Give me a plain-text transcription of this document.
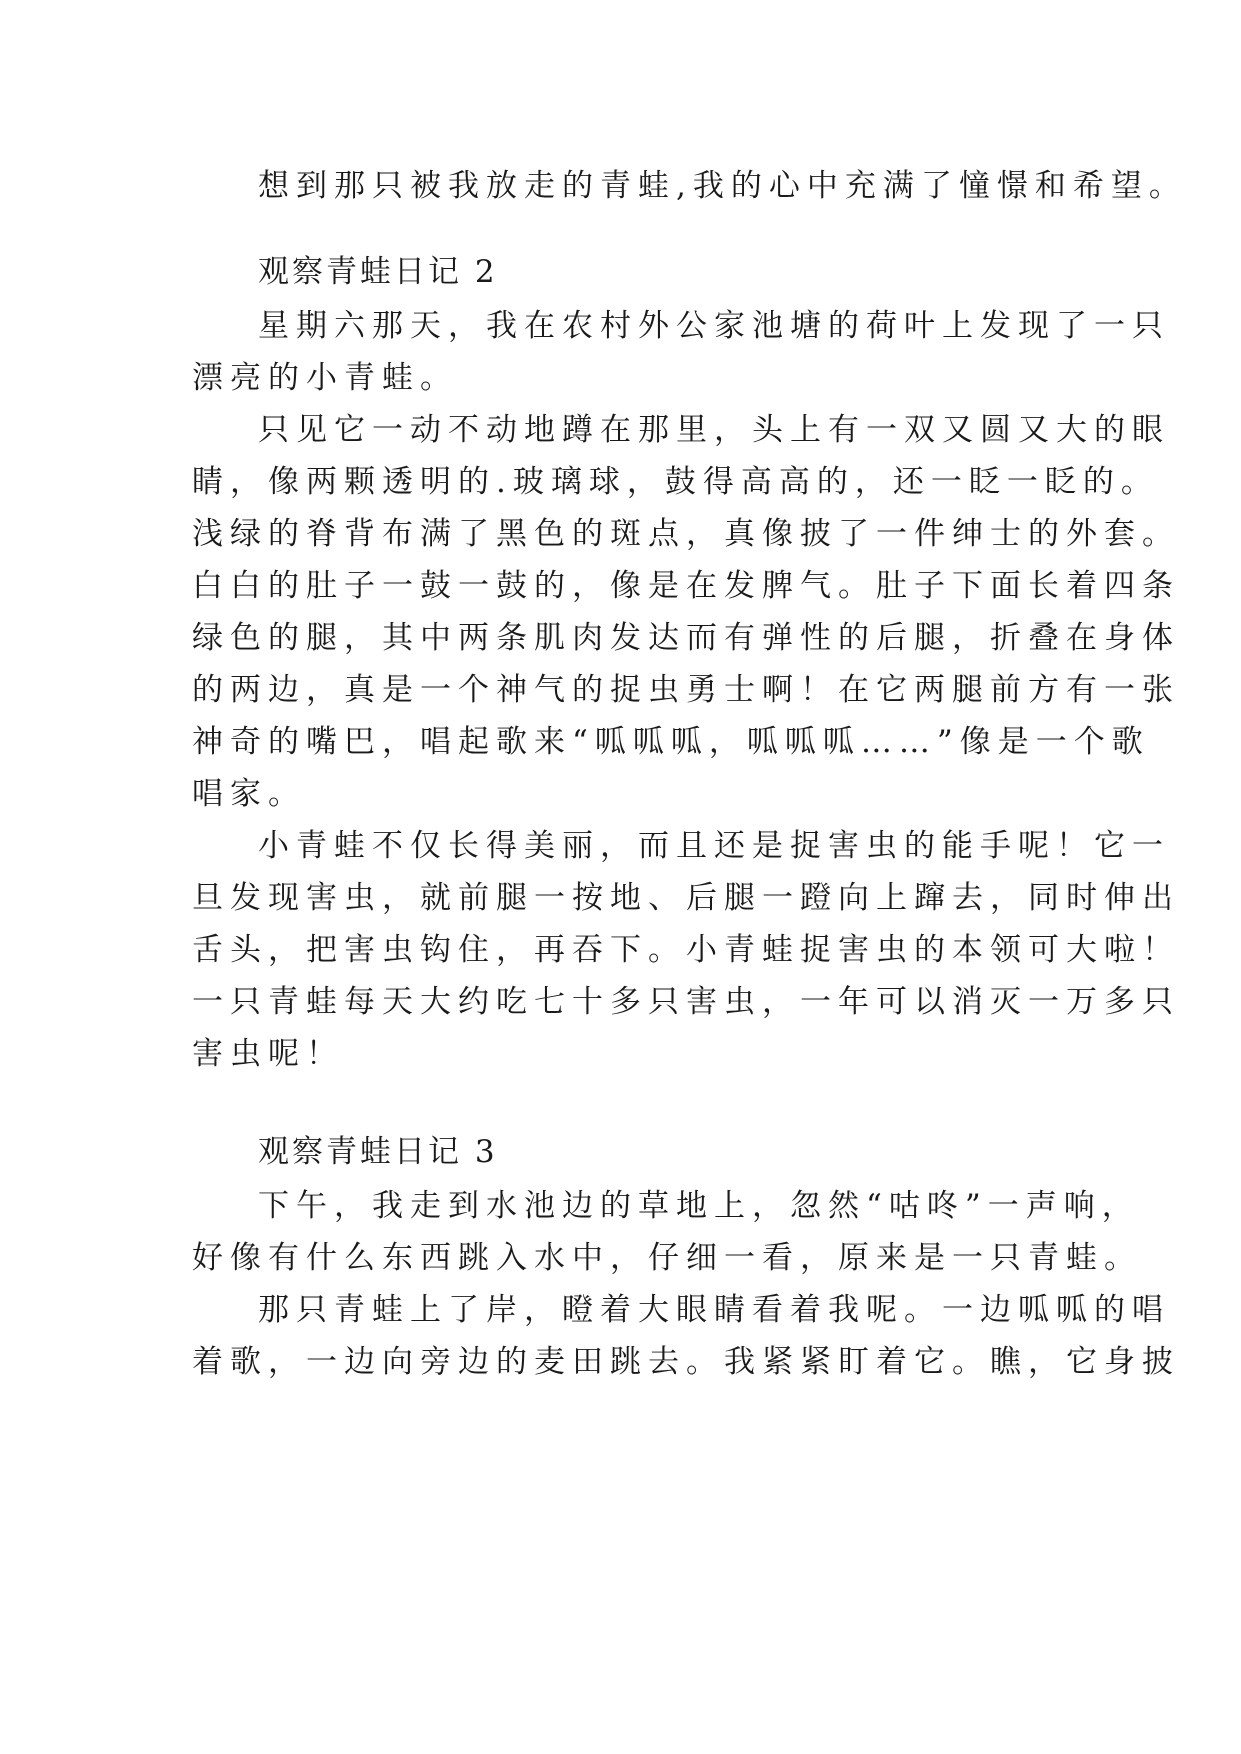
想到那只被我放走的青蛙,我的心中充满了憧憬和希望。
观察青蛙日记 2
星期六那天，我在农村外公家池塘的荷叶上发现了一只
漂亮的小青蛙。
只见它一动不动地蹲在那里，头上有一双又圆又大的眼
睛，像两颗透明的.玻璃球，鼓得高高的，还一眨一眨的。
浅绿的脊背布满了黑色的斑点，真像披了一件绅士的外套。
白白的肚子一鼓一鼓的，像是在发脾气。肚子下面长着四条
绿色的腿，其中两条肌肉发达而有弹性的后腿，折叠在身体
的两边，真是一个神气的捉虫勇士啊！在它两腿前方有一张
神奇的嘴巴，唱起歌来“呱呱呱，呱呱呱……”像是一个歌
唱家。
小青蛙不仅长得美丽，而且还是捉害虫的能手呢！它一
旦发现害虫，就前腿一按地、后腿一蹬向上蹿去，同时伸出
舌头，把害虫钩住，再吞下。小青蛙捉害虫的本领可大啦！
一只青蛙每天大约吃七十多只害虫，一年可以消灭一万多只
害虫呢！
观察青蛙日记 3
下午，我走到水池边的草地上，忽然“咕咚”一声响，
好像有什么东西跳入水中，仔细一看，原来是一只青蛙。
那只青蛙上了岸，瞪着大眼睛看着我呢。一边呱呱的唱
着歌，一边向旁边的麦田跳去。我紧紧盯着它。瞧，它身披
